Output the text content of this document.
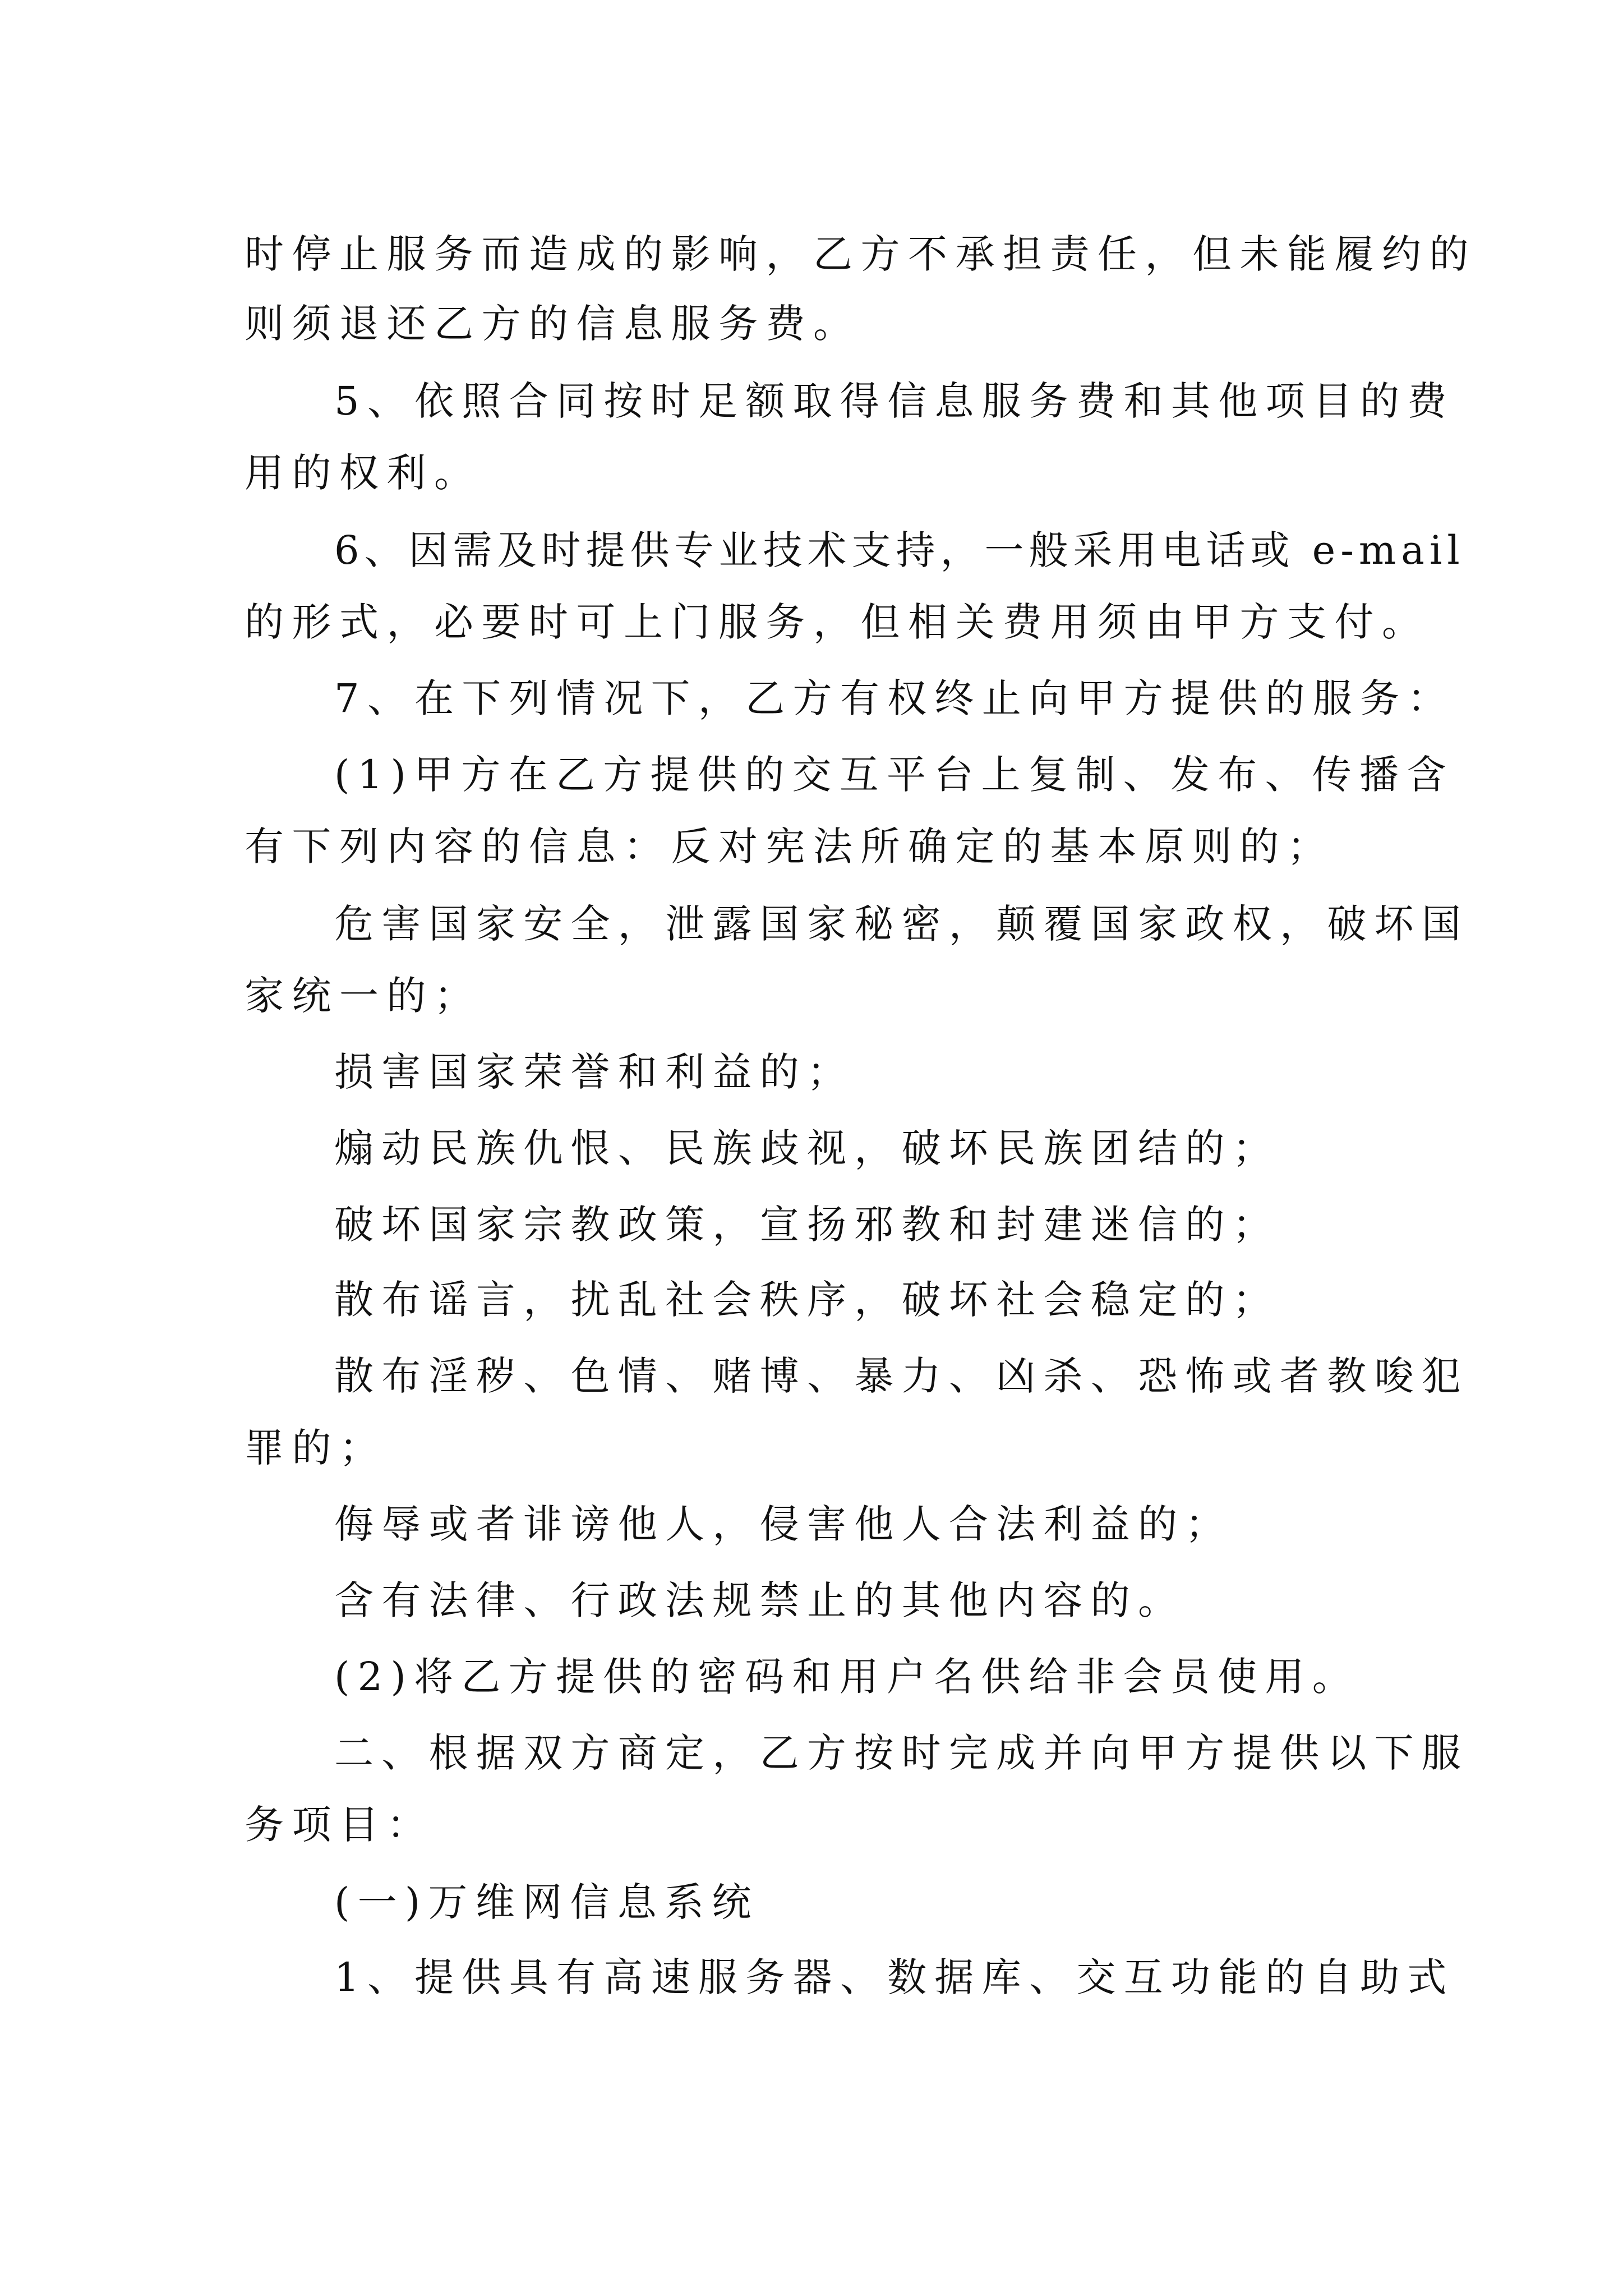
时停止服务而造成的影响，乙方不承担责任，但未能履约的
则须退还乙方的信息服务费。
5、依照合同按时足额取得信息服务费和其他项目的费
用的权利。
6、因需及时提供专业技术支持，一般采用电话或 e-mail
的形式，必要时可上门服务，但相关费用须由甲方支付。
7、在下列情况下，乙方有权终止向甲方提供的服务：
(1)甲方在乙方提供的交互平台上复制、发布、传播含
有下列内容的信息：反对宪法所确定的基本原则的；
危害国家安全，泄露国家秘密，颠覆国家政权，破坏国
家统一的；
损害国家荣誉和利益的；
煽动民族仇恨、民族歧视，破坏民族团结的；
破坏国家宗教政策，宣扬邪教和封建迷信的；
散布谣言，扰乱社会秩序，破坏社会稳定的；
散布淫秽、色情、赌博、暴力、凶杀、恐怖或者教唆犯
罪的；
侮辱或者诽谤他人，侵害他人合法利益的；
含有法律、行政法规禁止的其他内容的。
(2)将乙方提供的密码和用户名供给非会员使用。
二、根据双方商定，乙方按时完成并向甲方提供以下服
务项目：
(一)万维网信息系统
1、提供具有高速服务器、数据库、交互功能的自助式
